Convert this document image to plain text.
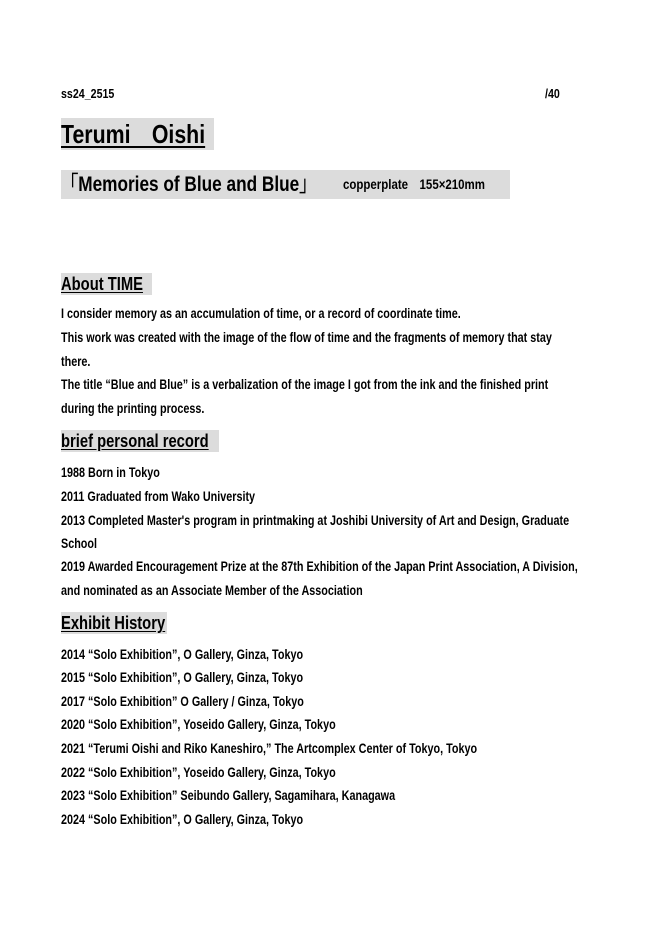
ss24_2515	/40
Terumi　Oishi
「Memories of Blue and Blue」 copperplate　155×210mm
About TIME
I consider memory as an accumulation of time, or a record of coordinate time.
This work was created with the image of the flow of time and the fragments of memory that stay
there.
The title “Blue and Blue” is a verbalization of the image I got from the ink and the finished print
during the printing process.
brief personal record
1988 Born in Tokyo
2011 Graduated from Wako University
2013 Completed Master's program in printmaking at Joshibi University of Art and Design, Graduate
School
2019 Awarded Encouragement Prize at the 87th Exhibition of the Japan Print Association, A Division,
and nominated as an Associate Member of the Association
Exhibit History
2014 “Solo Exhibition”, O Gallery, Ginza, Tokyo
2015 “Solo Exhibition”, O Gallery, Ginza, Tokyo
2017 “Solo Exhibition” O Gallery / Ginza, Tokyo
2020 “Solo Exhibition”, Yoseido Gallery, Ginza, Tokyo
2021 “Terumi Oishi and Riko Kaneshiro,” The Artcomplex Center of Tokyo, Tokyo
2022 “Solo Exhibition”, Yoseido Gallery, Ginza, Tokyo
2023 “Solo Exhibition” Seibundo Gallery, Sagamihara, Kanagawa
2024 “Solo Exhibition”, O Gallery, Ginza, Tokyo
